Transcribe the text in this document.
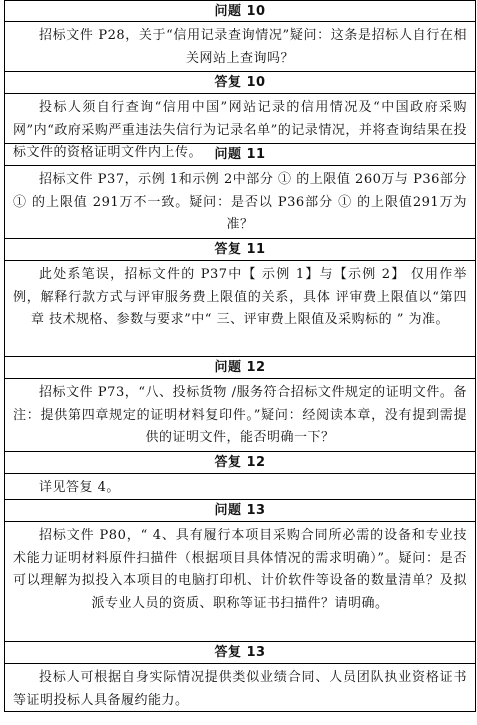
问题 10
招标文件 P28，关于“信用记录查询情况”疑问：这条是招标人自行在相关网站上查询吗？
答复 10
投标人须自行查询“信用中国”网站记录的信用情况及“中国政府采购网”内“政府采购严重违法失信行为记录名单”的记录情况，并将查询结果在投标文件的资格证明文件内上传。 问题 11
招标文件 P37，示例 1和示例 2中部分 ① 的上限值 260万与 P36部分 ① 的上限值 291万不一致。疑问：是否以 P36部分 ① 的上限值291万为准？
答复 11
此处系笔误，招标文件的 P37中【 示例 1】与【示例 2】 仅用作举例，解释行款方式与评审服务费上限值的关系，具体 评审费上限值以“第四章 技术规格、参数与要求”中“ 三、评审费上限值及采购标的 ” 为准。
问题 12
招标文件 P73，“八、投标货物 /服务符合招标文件规定的证明文件。备注：提供第四章规定的证明材料复印件。”疑问：经阅读本章，没有提到需提供的证明文件，能否明确一下？
答复 12
详见答复 4。
问题 13
招标文件 P80，“ 4、具有履行本项目采购合同所必需的设备和专业技术能力证明材料原件扫描件（根据项目具体情况的需求明确）”。疑问：是否可以理解为拟投入本项目的电脑打印机、计价软件等设备的数量清单？及拟派专业人员的资质、职称等证书扫描件？请明确。
答复 13
投标人可根据自身实际情况提供类似业绩合同、人员团队执业资格证书等证明投标人具备履约能力。
